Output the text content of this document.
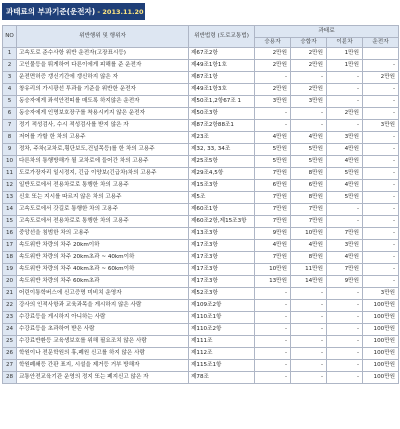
과태료의 부과기준(운전자) - 2013.11.20
NO	위반행위 및 행위자	위반법령 (도로교통법)	과태료			
			승용자	승합자	이륜차	운전자
1	고속도로 준수사항 위반 운전자(고장표시등)	제67조2항	2만원	2만원	1만원	
2	고인물등을 튀게하여 다른이에게 피해를 준 운전자	제49조1항1호	2만원	2만원	1만원	-
3	운전면허증 갱신기간에 갱신하지 않은 자	제87조1항	-	-	-	2만원
4	창유리의 가시광선 투과율 기준을 위반한 운전자	제49조1항3호	2만원	2만원	-	-
5	동승자에게 좌석안전띠를 매도록 하지않은 운전자	제50조1,2항67조 1	3만원	3만원	-	-
6	동승자에게 인명보호장구를 착용시키지 않은 운전자	제50조3항	-	-	2만원	-
7	정기 적성검사, 수시 적성검사를 받지 않은 자	제87조2항88조1	-	-	-	3만원
8	저어를 가할 한 차의 고용주	제23조	4만원	4만원	3만원	-
9	정차, 주차(교차로,횡단보도,건널목등)를 한 차의 고용주	제32, 33, 34조	5만원	5만원	4만원	-
10	다른차의 통행방해가 될 교차로에 들어간 차의 고용주	제25조5항	5만원	5만원	4만원	-
11	도로가장자리 일시정지, 긴급 이양보(긴급차)차의 고용주	제29조4,5항	7만원	8만원	5만원	-
12	일반도로에서 전용차로로 통행한 차의 고용주	제15조3항	6만원	6만원	4만원	-
13	신호 또는 지시를 따르지 않은 차의 고용주	제5조	7만원	8만원	5만원	-
14	고속도로에서 갓길로 통행한 차의 고용주	제60조1항	7만원	7만원	-	-
15	고속도로에서 전용차로로 통행한 차의 고용주	제60조2항,제15조3항	7만원	7만원	-	-
16	중앙선을 침범한 차의 고용주	제13조3항	9만원	10만원	7만원	-
17	속도위반 차량의 차주 20km이하	제17조3항	4만원	4만원	3만원	-
18	속도위반 차량의 차주 20km초과 ~ 40km이하	제17조3항	7만원	8만원	4만원	-
19	속도위반 차량의 차주 40km초과 ~ 60km이하	제17조3항	10만원	11만원	7만원	-
20	속도위반 차량의 차주 60km초과	제17조3항	13만원	14만원	9만원	-
21	어린이통학버스에 신고증명 미비치 운영자	제52조3항	-	-	-	3만원
22	강사의 인적사항과 교육과목을 게시하지 않은 사람	제109조2항	-	-	-	100만원
23	수강료등을 게시하지 아니하는 사람	제110조1항	-	-	-	100만원
24	수강료등을 초과하여 받은 사람	제110조2항	-	-	-	100만원
25	수강료반환등 교육생보호를 위해 필요조치 않은 사람	제111조	-	-	-	100만원
26	학원이나 전문학원의 휴,폐원 신고를 하지 않은 사람	제112조	-	-	-	100만원
27	학원폐쇄등 간판 표지, 시설을 제거등 거부 방해자	제115조1항	-	-	-	100만원
28	교통안전교육기관 운영의 정지 또는 폐지신고 않은 자	제78조	-	-	-	100만원
